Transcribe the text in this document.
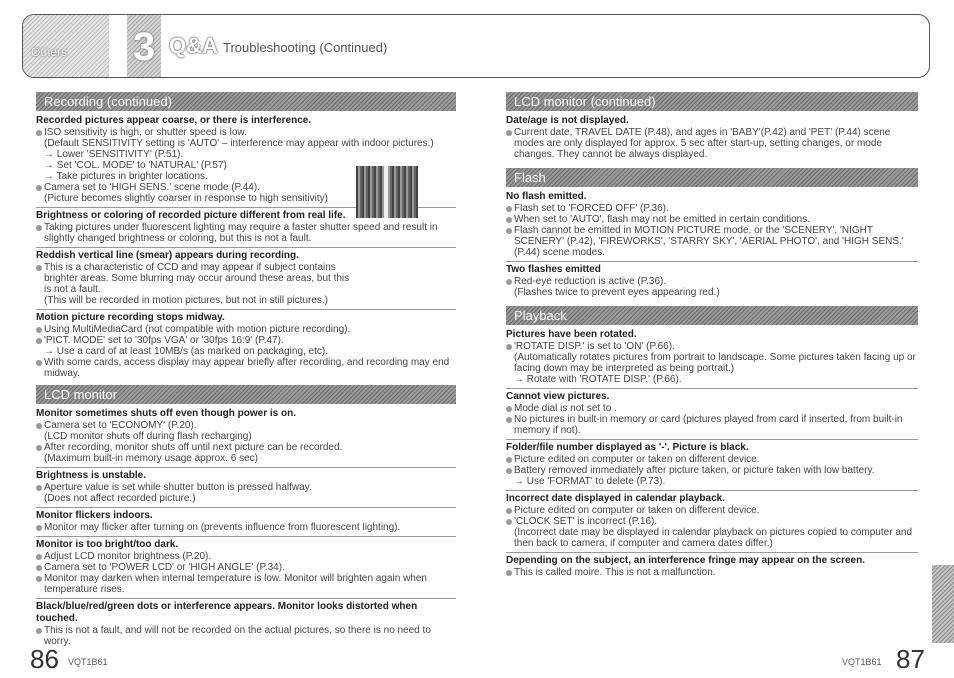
Others 3 Q&A Troubleshooting (Continued)
Recording (continued)
Recorded pictures appear coarse, or there is interference.
ISO sensitivity is high, or shutter speed is low.
(Default SENSITIVITY setting is 'AUTO' – interference may appear with indoor pictures.)
→ Lower 'SENSITIVITY' (P.51).
→ Set 'COL. MODE' to 'NATURAL' (P.57)
→ Take pictures in brighter locations.
Camera set to 'HIGH SENS.' scene mode (P.44).
(Picture becomes slightly coarser in response to high sensitivity)
Brightness or coloring of recorded picture different from real life.
Taking pictures under fluorescent lighting may require a faster shutter speed and result in slightly changed brightness or coloring, but this is not a fault.
Reddish vertical line (smear) appears during recording.
This is a characteristic of CCD and may appear if subject contains brighter areas. Some blurring may occur around these areas, but this is not a fault.
(This will be recorded in motion pictures, but not in still pictures.)
Motion picture recording stops midway.
Using MultiMediaCard (not compatible with motion picture recording).
'PICT. MODE' set to '30fps VGA' or '30fps 16:9' (P.47).
→ Use a card of at least 10MB/s (as marked on packaging, etc).
With some cards, access display may appear briefly after recording, and recording may end midway.
LCD monitor
Monitor sometimes shuts off even though power is on.
Camera set to 'ECONOMY' (P.20).
(LCD monitor shuts off during flash recharging)
After recording, monitor shuts off until next picture can be recorded.
(Maximum built-in memory usage approx. 6 sec)
Brightness is unstable.
Aperture value is set while shutter button is pressed halfway.
(Does not affect recorded picture.)
Monitor flickers indoors.
Monitor may flicker after turning on (prevents influence from fluorescent lighting).
Monitor is too bright/too dark.
Adjust LCD monitor brightness (P.20).
Camera set to 'POWER LCD' or 'HIGH ANGLE' (P.34).
Monitor may darken when internal temperature is low. Monitor will brighten again when temperature rises.
Black/blue/red/green dots or interference appears. Monitor looks distorted when touched.
This is not a fault, and will not be recorded on the actual pictures, so there is no need to worry.
LCD monitor (continued)
Date/age is not displayed.
Current date, TRAVEL DATE (P.48), and ages in 'BABY'(P.42) and 'PET' (P.44) scene modes are only displayed for approx. 5 sec after start-up, setting changes, or mode changes. They cannot be always displayed.
Flash
No flash emitted.
Flash set to 'FORCED OFF' (P.36).
When set to 'AUTO', flash may not be emitted in certain conditions.
Flash cannot be emitted in MOTION PICTURE mode, or the 'SCENERY', 'NIGHT SCENERY' (P.42), 'FIREWORKS', 'STARRY SKY', 'AERIAL PHOTO', and 'HIGH SENS.' (P.44) scene modes.
Two flashes emitted
Red-eye reduction is active (P.36).
(Flashes twice to prevent eyes appearing red.)
Playback
Pictures have been rotated.
'ROTATE DISP.' is set to 'ON' (P.66).
(Automatically rotates pictures from portrait to landscape. Some pictures taken facing up or facing down may be interpreted as being portrait.)
→ Rotate with 'ROTATE DISP.' (P.66).
Cannot view pictures.
Mode dial is not set to .
No pictures in built-in memory or card (pictures played from card if inserted, from built-in memory if not).
Folder/file number displayed as '-'. Picture is black.
Picture edited on computer or taken on different device.
Battery removed immediately after picture taken, or picture taken with low battery.
→ Use 'FORMAT' to delete (P.73).
Incorrect date displayed in calendar playback.
Picture edited on computer or taken on different device.
'CLOCK SET' is incorrect (P.16).
(Incorrect date may be displayed in calendar playback on pictures copied to computer and then back to camera, if computer and camera dates differ.)
Depending on the subject, an interference fringe may appear on the screen.
This is called moire. This is not a malfunction.
86 VQT1B61	VQT1B61 87
